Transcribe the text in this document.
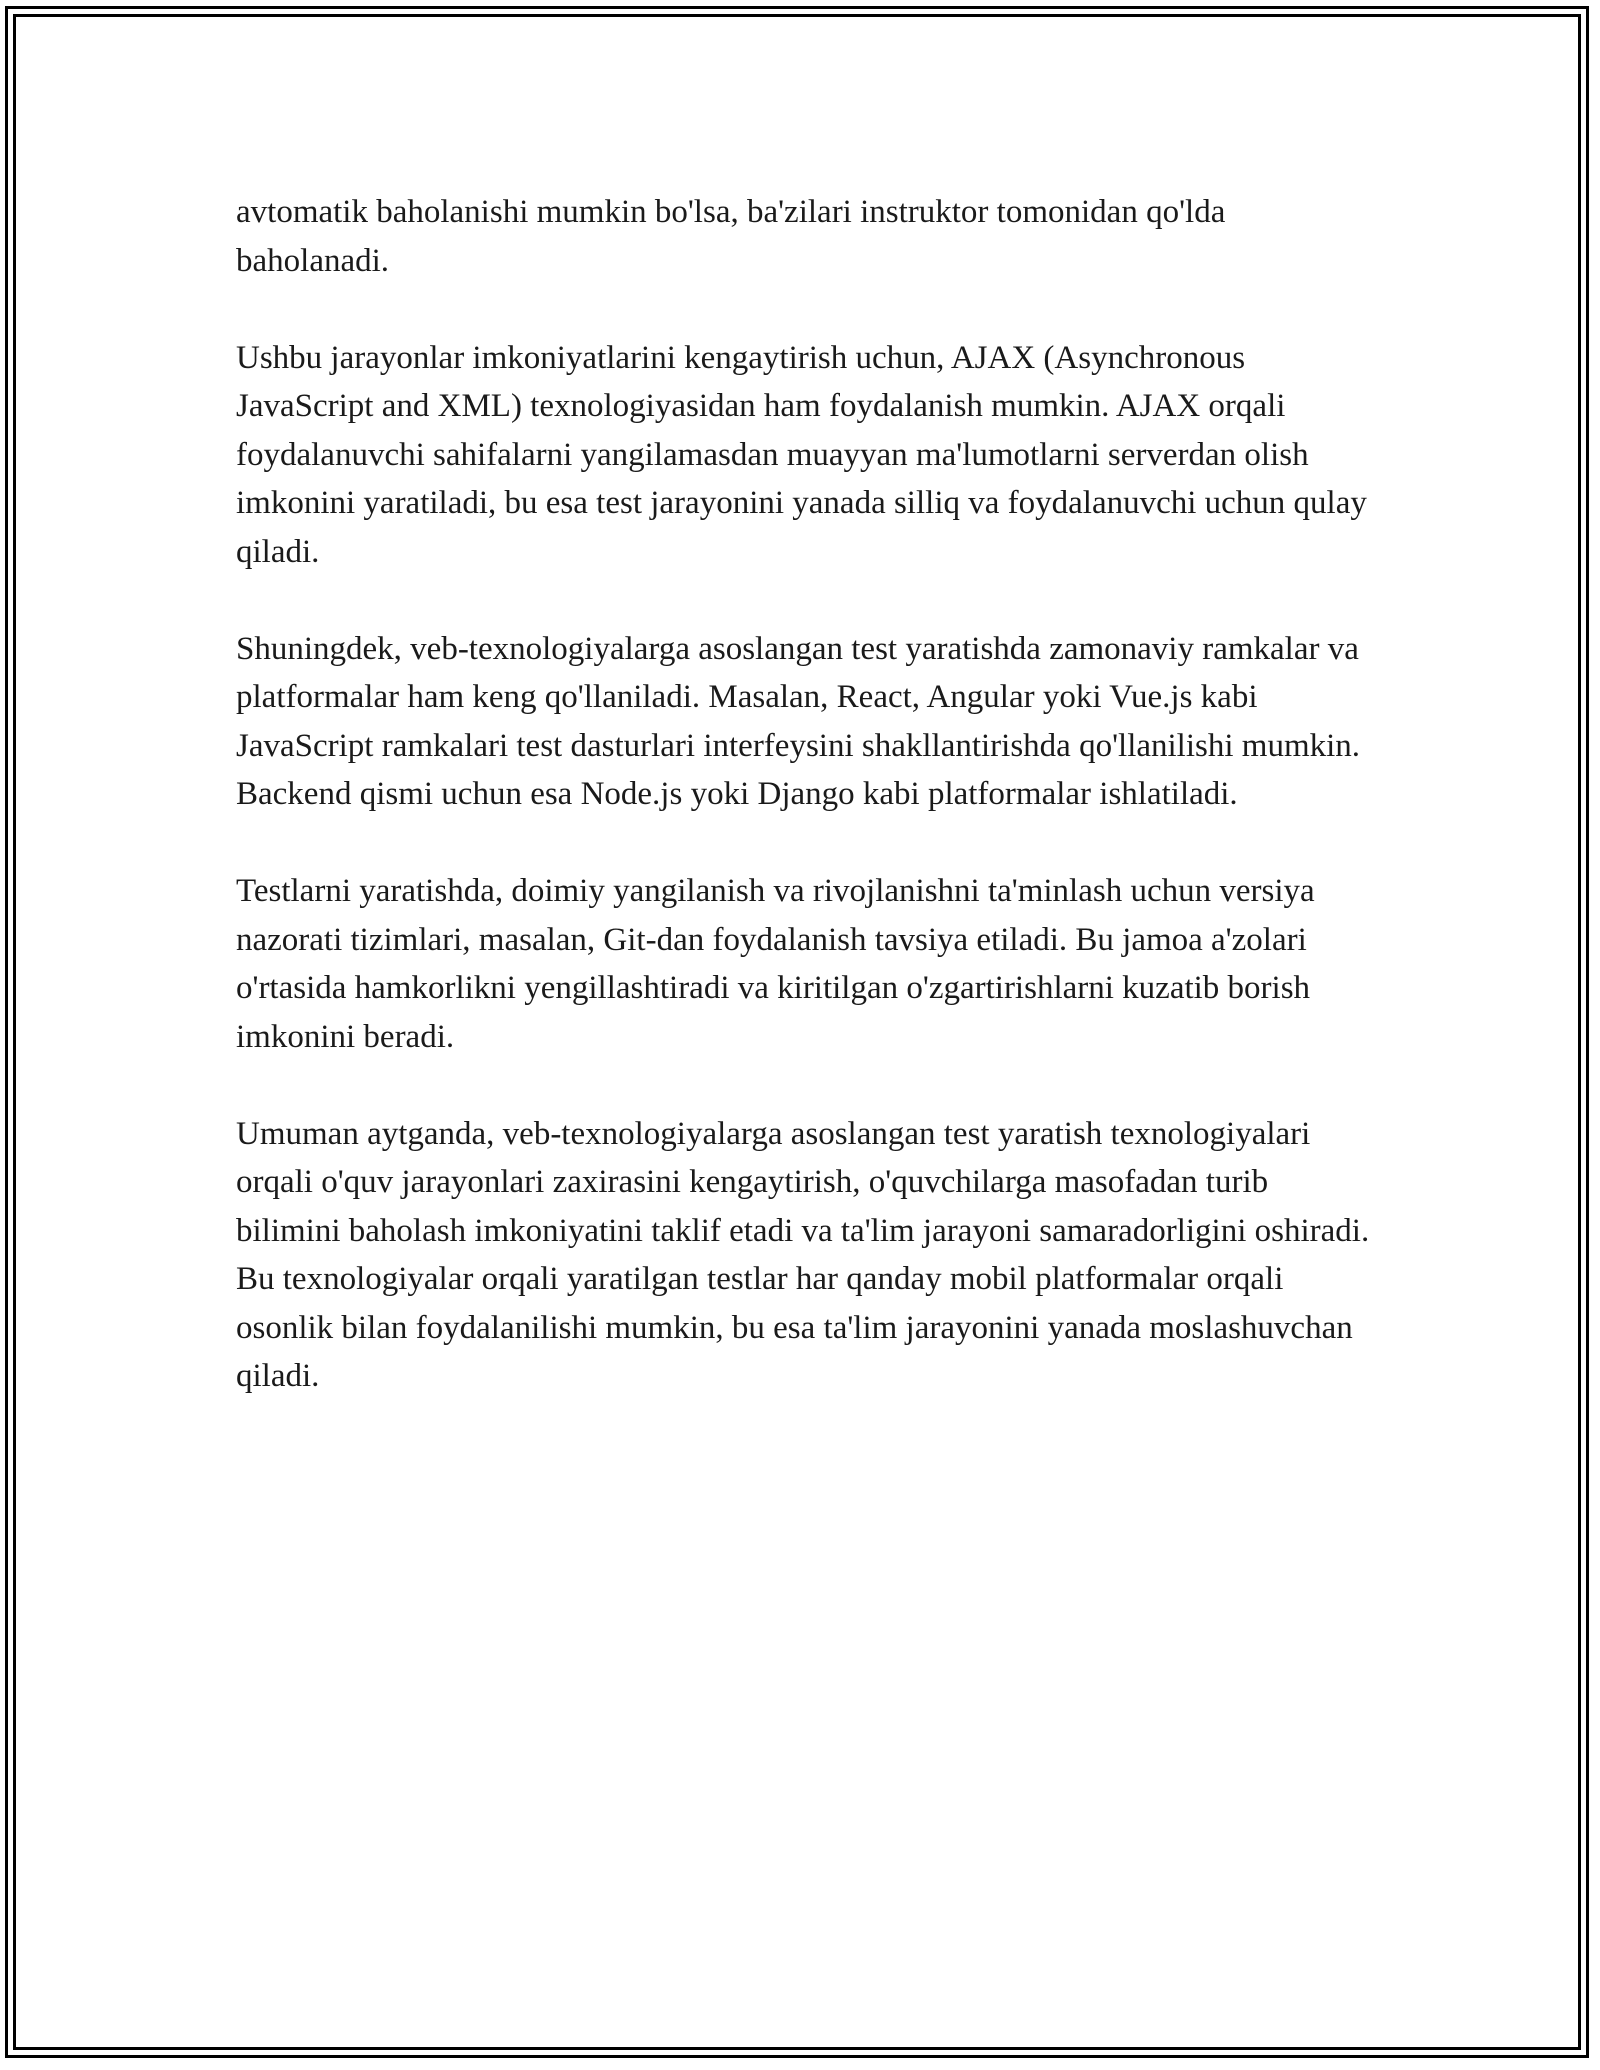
avtomatik baholanishi mumkin bo'lsa, ba'zilari instruktor tomonidan qo'lda baholanadi.

Ushbu jarayonlar imkoniyatlarini kengaytirish uchun, AJAX (Asynchronous JavaScript and XML) texnologiyasidan ham foydalanish mumkin. AJAX orqali foydalanuvchi sahifalarni yangilamasdan muayyan ma'lumotlarni serverdan olish imkonini yaratiladi, bu esa test jarayonini yanada silliq va foydalanuvchi uchun qulay qiladi.

Shuningdek, veb-texnologiyalarga asoslangan test yaratishda zamonaviy ramkalar va platformalar ham keng qo'llaniladi. Masalan, React, Angular yoki Vue.js kabi JavaScript ramkalari test dasturlari interfeysini shakllantirishda qo'llanilishi mumkin. Backend qismi uchun esa Node.js yoki Django kabi platformalar ishlatiladi.

Testlarni yaratishda, doimiy yangilanish va rivojlanishni ta'minlash uchun versiya nazorati tizimlari, masalan, Git-dan foydalanish tavsiya etiladi. Bu jamoa a'zolari o'rtasida hamkorlikni yengillashtiradi va kiritilgan o'zgartirishlarni kuzatib borish imkonini beradi.

Umuman aytganda, veb-texnologiyalarga asoslangan test yaratish texnologiyalari orqali o'quv jarayonlari zaxirasini kengaytirish, o'quvchilarga masofadan turib bilimini baholash imkoniyatini taklif etadi va ta'lim jarayoni samaradorligini oshiradi. Bu texnologiyalar orqali yaratilgan testlar har qanday mobil platformalar orqali osonlik bilan foydalanilishi mumkin, bu esa ta'lim jarayonini yanada moslashuvchan qiladi.
